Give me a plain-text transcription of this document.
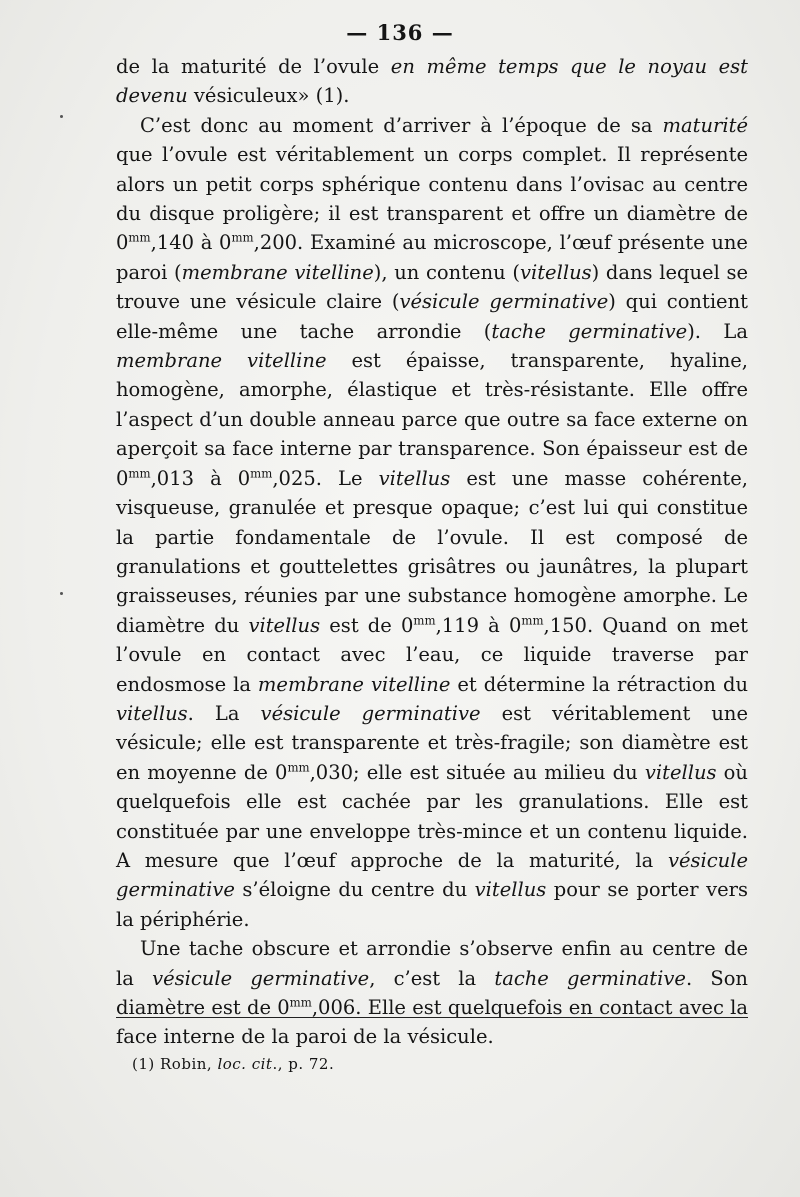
— 136 —

de la maturité de l’ovule en même temps que le noyau est devenu vésiculeux» (1).

C’est donc au moment d’arriver à l’époque de sa maturité que l’ovule est véritablement un corps complet. Il représente alors un petit corps sphérique contenu dans l’ovisac au centre du disque proligère; il est transparent et offre un diamètre de $0^{mm},140$ à $0^{mm},200$. Examiné au microscope, l’œuf présente une paroi (membrane vitelline), un contenu (vitellus) dans lequel se trouve une vésicule claire (vésicule germinative) qui contient elle-même une tache arrondie (tache germinative). La membrane vitelline est épaisse, transparente, hyaline, homogène, amorphe, élastique et très-résistante. Elle offre l’aspect d’un double anneau parce que outre sa face externe on aperçoit sa face interne par transparence. Son épaisseur est de $0^{mm},013$ à $0^{mm},025$. Le vitellus est une masse cohérente, visqueuse, granulée et presque opaque; c’est lui qui constitue la partie fondamentale de l’ovule. Il est composé de granulations et gouttelettes grisâtres ou jaunâtres, la plupart graisseuses, réunies par une substance homogène amorphe. Le diamètre du vitellus est de $0^{mm},119$ à $0^{mm},150$. Quand on met l’ovule en contact avec l’eau, ce liquide traverse par endosmose la membrane vitelline et détermine la rétraction du vitellus. La vésicule germinative est véritablement une vésicule; elle est transparente et très-fragile; son diamètre est en moyenne de $0^{mm},030$; elle est située au milieu du vitellus où quelquefois elle est cachée par les granulations. Elle est constituée par une enveloppe très-mince et un contenu liquide. A mesure que l’œuf approche de la maturité, la vésicule germinative s’éloigne du centre du vitellus pour se porter vers la périphérie.

Une tache obscure et arrondie s’observe enfin au centre de la vésicule germinative, c’est la tache germinative. Son diamètre est de $0^{mm},006$. Elle est quelquefois en contact avec la face interne de la paroi de la vésicule.

(1) Robin, loc. cit., p. 72.
